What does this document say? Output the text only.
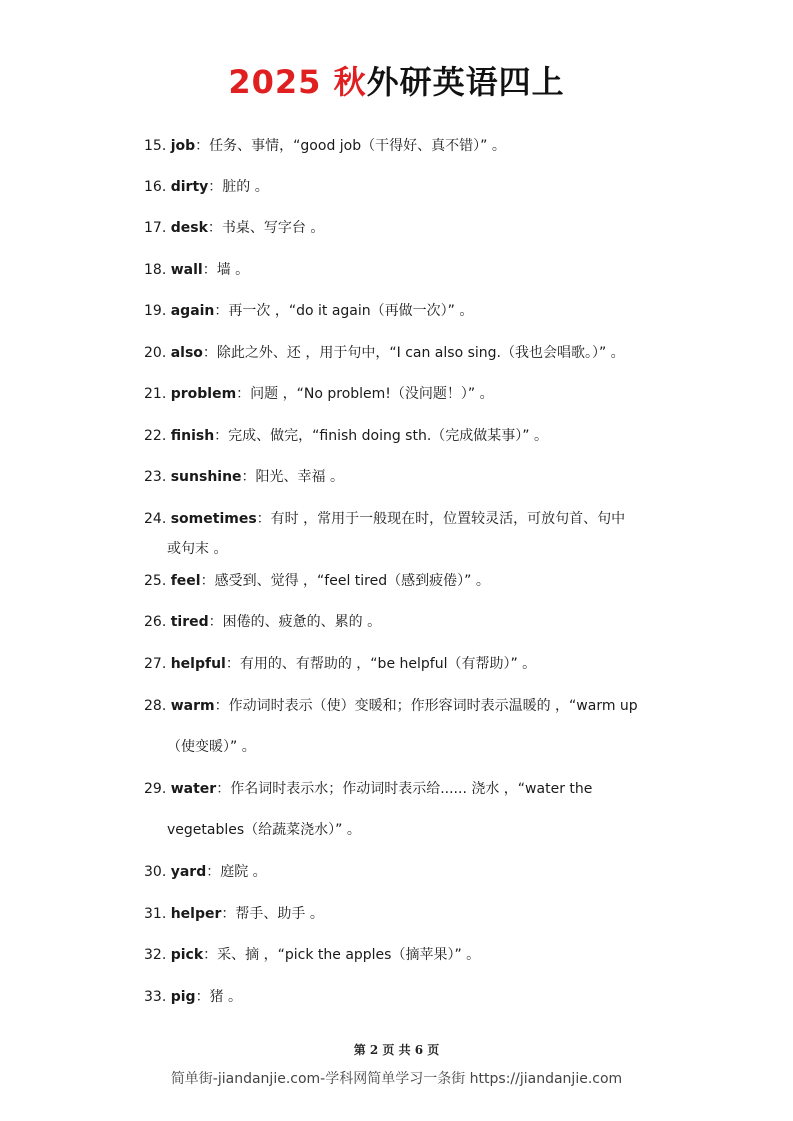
2025 秋外研英语四上
15. job：任务、事情，“good job（干得好、真不错）” 。
16. dirty：脏的 。
17. desk：书桌、写字台 。
18. wall：墙 。
19. again：再一次 ，“do it again（再做一次）” 。
20. also：除此之外、还 ，用于句中，“I can also sing.（我也会唱歌。）” 。
21. problem：问题 ，“No problem!（没问题！）” 。
22. finish：完成、做完，“finish doing sth.（完成做某事）” 。
23. sunshine：阳光、幸福 。
24. sometimes：有时 ，常用于一般现在时，位置较灵活，可放句首、句中
或句末 。
25. feel：感受到、觉得 ，“feel tired（感到疲倦）” 。
26. tired：困倦的、疲惫的、累的 。
27. helpful：有用的、有帮助的 ，“be helpful（有帮助）” 。
28. warm：作动词时表示（使）变暖和；作形容词时表示温暖的 ，“warm up
（使变暖）” 。
29. water：作名词时表示水；作动词时表示给...... 浇水 ，“water the
vegetables（给蔬菜浇水）” 。
30. yard：庭院 。
31. helper：帮手、助手 。
32. pick：采、摘 ，“pick the apples（摘苹果）” 。
33. pig：猪 。
第 2 页 共 6 页
简单街-jiandanjie.com-学科网简单学习一条街 https://jiandanjie.com
